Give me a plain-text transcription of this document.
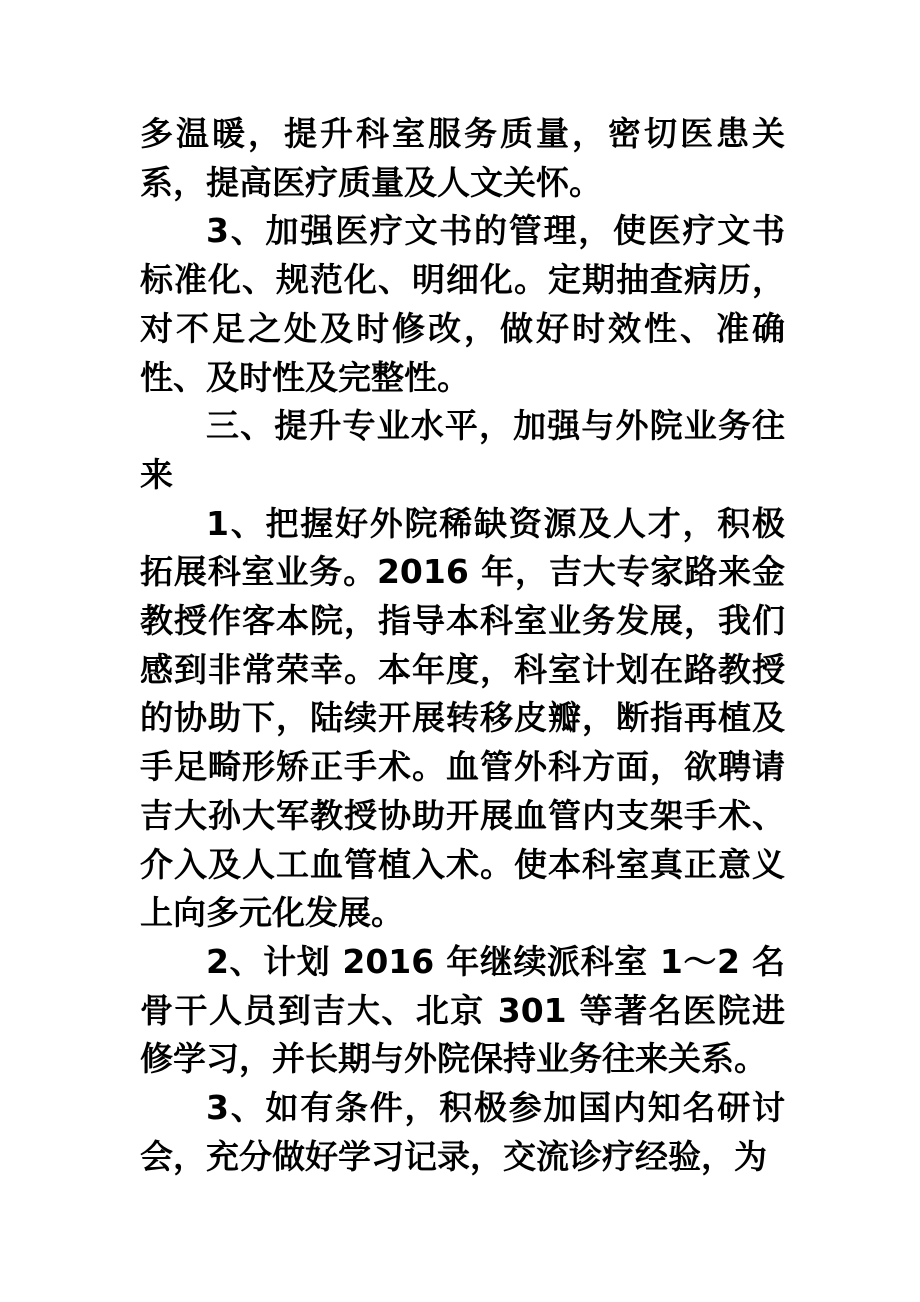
多温暖，提升科室服务质量，密切医患关系，提高医疗质量及人文关怀。

3、加强医疗文书的管理，使医疗文书标准化、规范化、明细化。定期抽查病历，对不足之处及时修改，做好时效性、准确性、及时性及完整性。

三、提升专业水平，加强与外院业务往来

1、把握好外院稀缺资源及人才，积极拓展科室业务。2016 年，吉大专家路来金教授作客本院，指导本科室业务发展，我们感到非常荣幸。本年度，科室计划在路教授的协助下，陆续开展转移皮瓣，断指再植及手足畸形矫正手术。血管外科方面，欲聘请吉大孙大军教授协助开展血管内支架手术、介入及人工血管植入术。使本科室真正意义上向多元化发展。

2、计划 2016 年继续派科室 1～2 名骨干人员到吉大、北京 301 等著名医院进修学习，并长期与外院保持业务往来关系。

3、如有条件，积极参加国内知名研讨会，充分做好学习记录，交流诊疗经验，为
